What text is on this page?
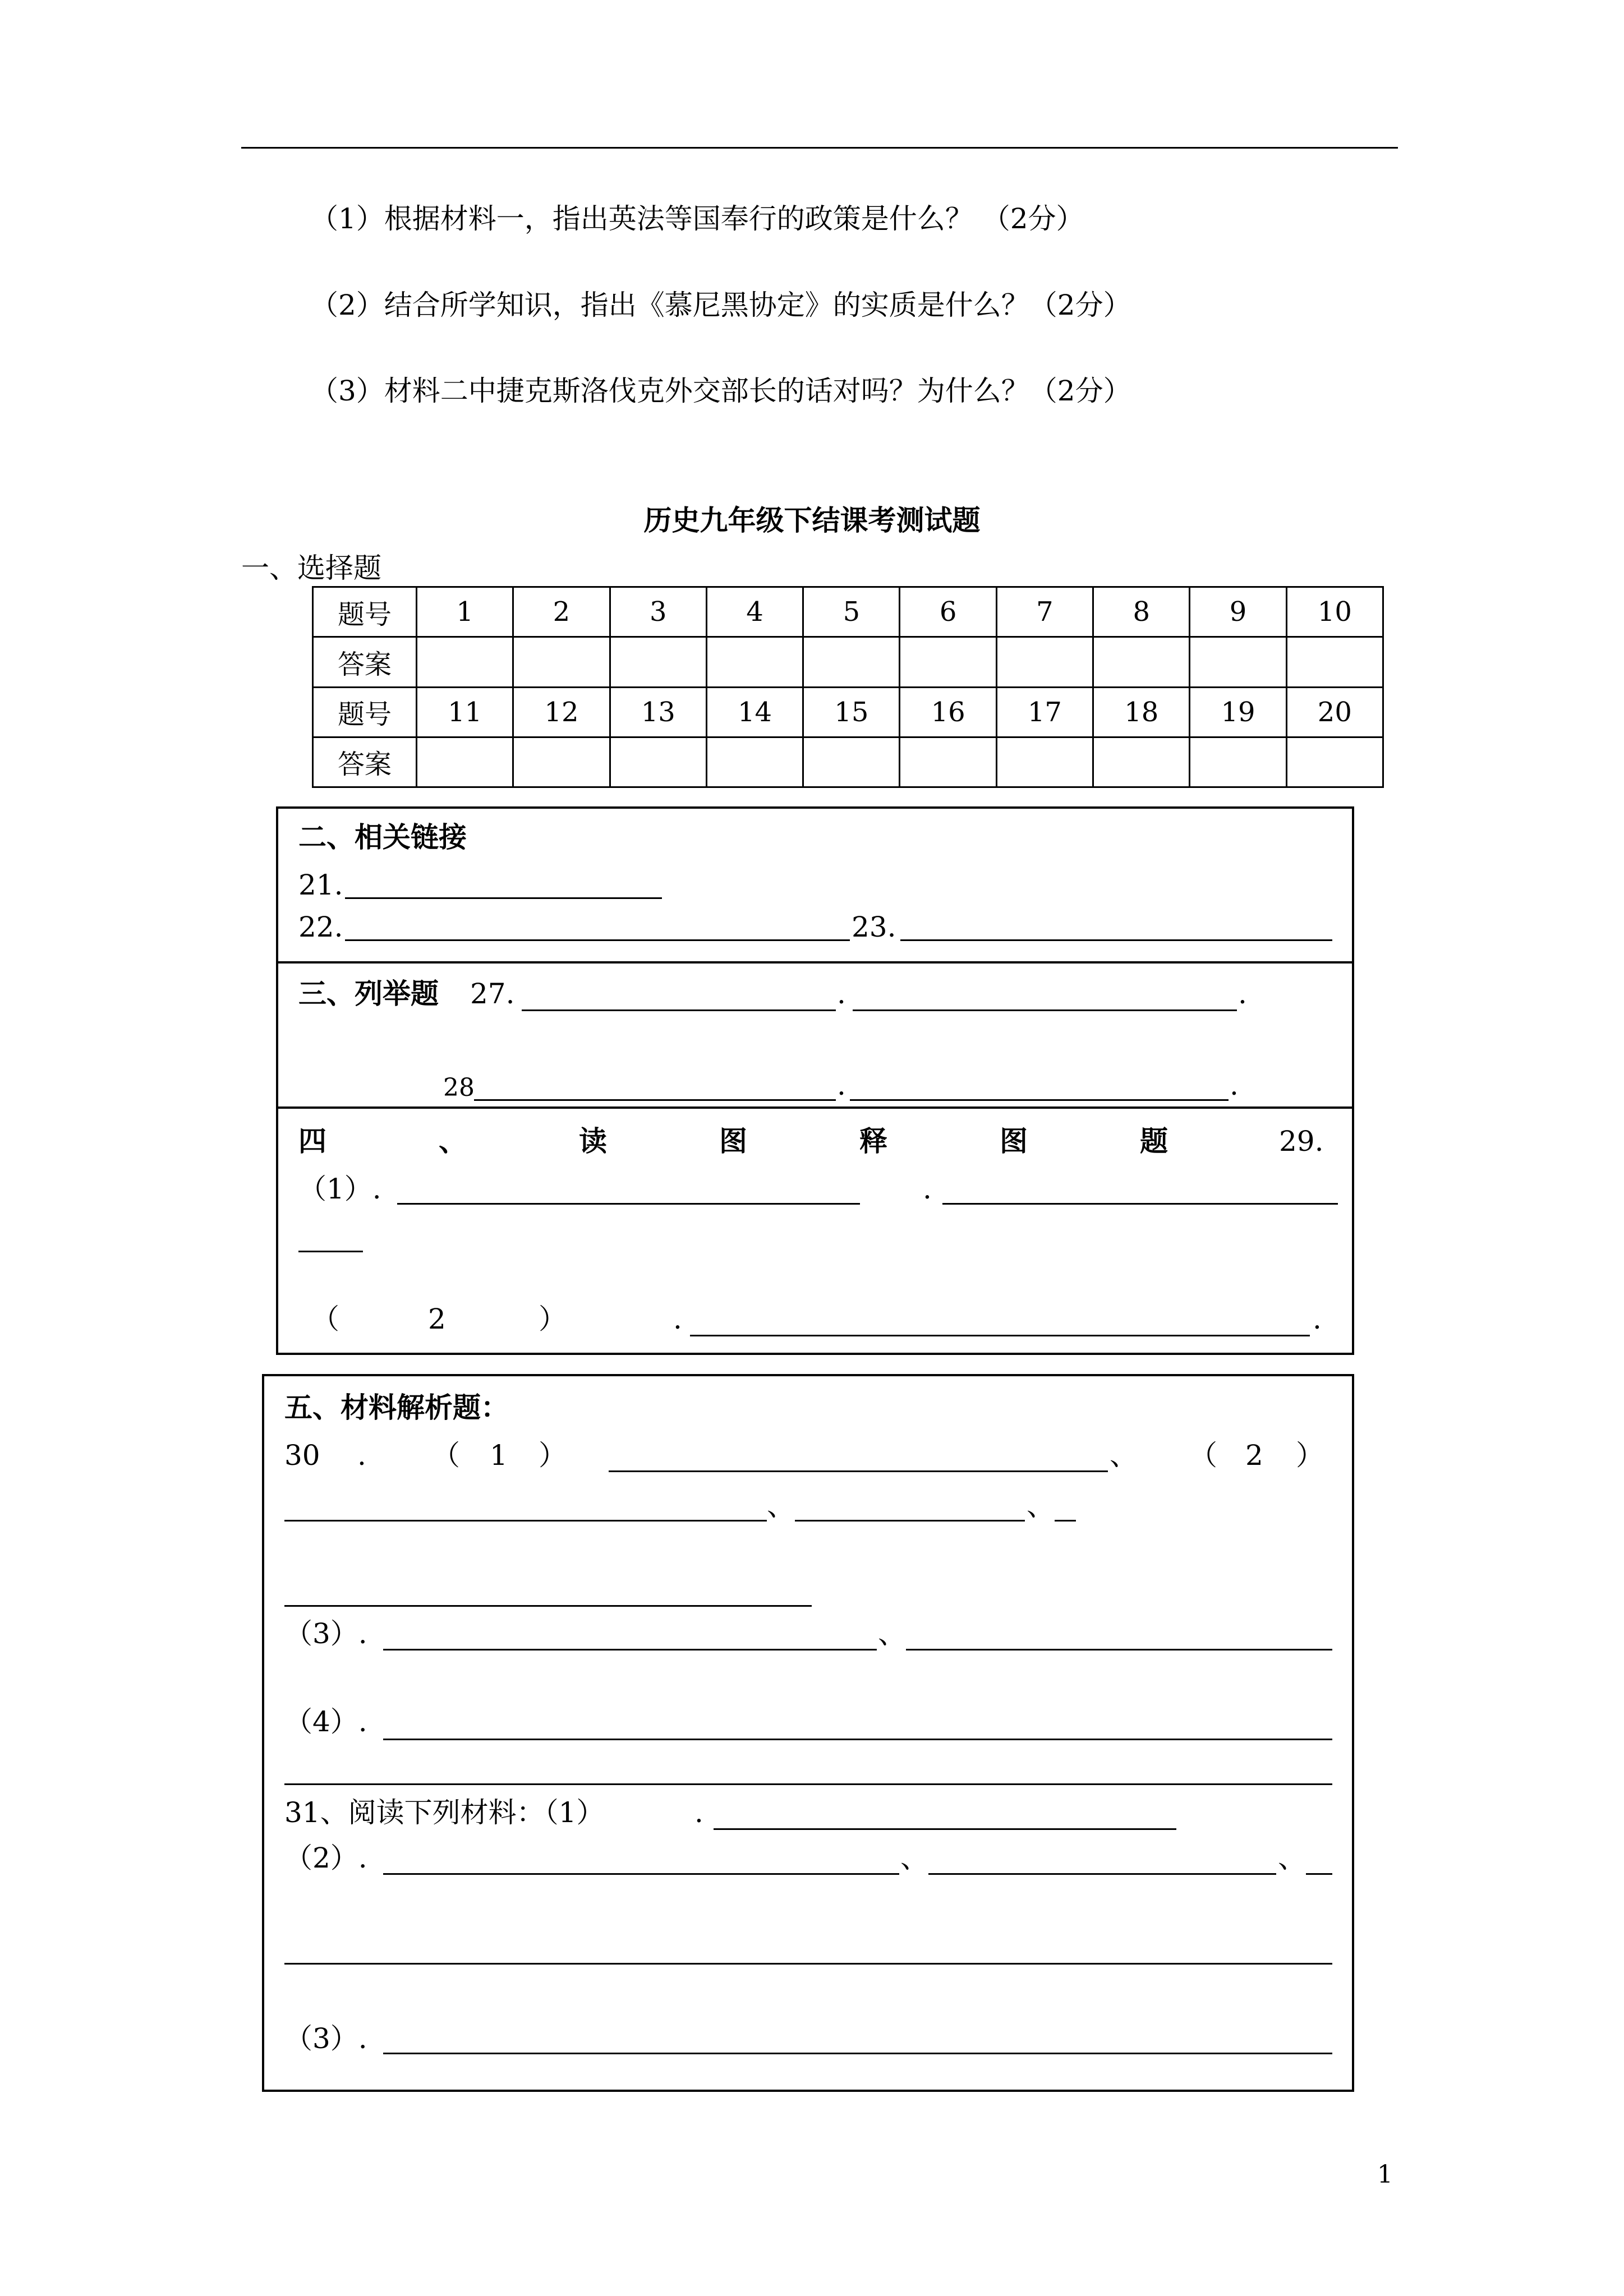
（1）根据材料一，指出英法等国奉行的政策是什么？ （2分）
（2）结合所学知识，指出《慕尼黑协定》的实质是什么？（2分）
（3）材料二中捷克斯洛伐克外交部长的话对吗？为什么？（2分）
历史九年级下结课考测试题
一、选择题
题号	1	2	3	4	5	6	7	8	9	10
答案										
题号	11	12	13	14	15	16	17	18	19	20
答案										
二、相关链接
21.
22.	23.
三、列举题 27.	.	.
28	.	.
四	、	读	图	释	图	题	29.
（1）.	.
（	2	）	.	.
五、材料解析题：
30 . （ 1 ）	、 （ 2 ）
、	、
（3）.	、
（4）.
31、阅读下列材料：（1）	.
（2）.	、	、
（3）.
1
